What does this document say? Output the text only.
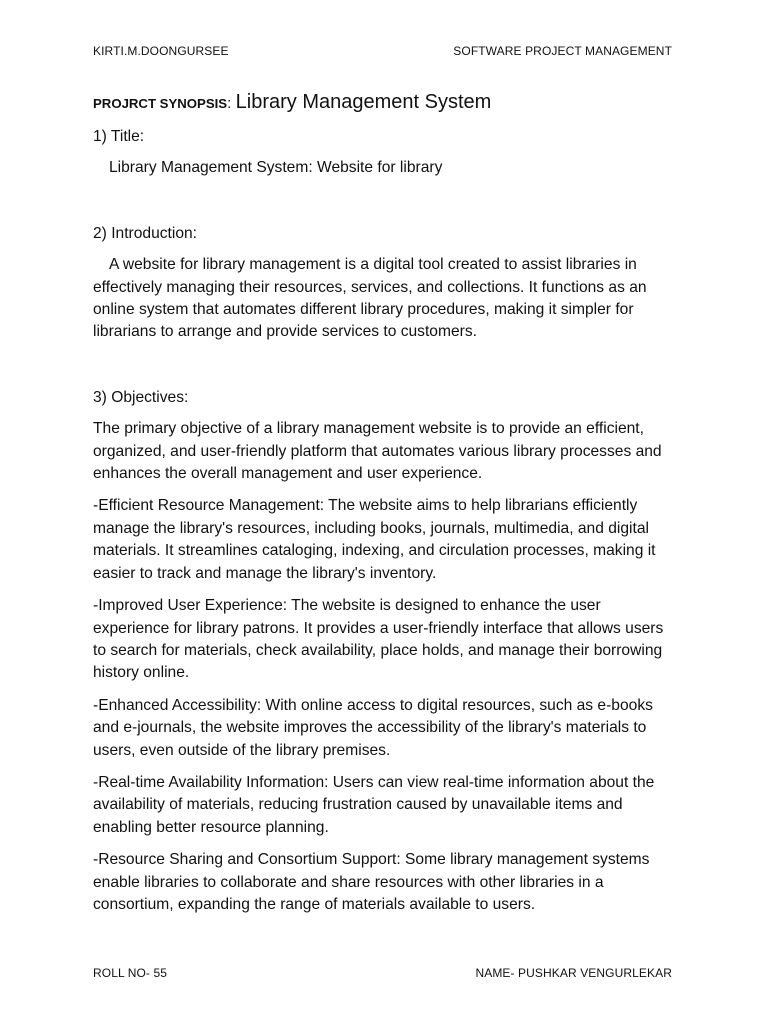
KIRTI.M.DOONGURSEE	SOFTWARE PROJECT MANAGEMENT
PROJRCT SYNOPSIS: Library Management System

1) Title:

Library Management System: Website for library

2) Introduction:

A website for library management is a digital tool created to assist libraries in effectively managing their resources, services, and collections. It functions as an online system that automates different library procedures, making it simpler for librarians to arrange and provide services to customers.

3) Objectives:

The primary objective of a library management website is to provide an efficient, organized, and user-friendly platform that automates various library processes and enhances the overall management and user experience.

-Efficient Resource Management: The website aims to help librarians efficiently manage the library's resources, including books, journals, multimedia, and digital materials. It streamlines cataloging, indexing, and circulation processes, making it easier to track and manage the library's inventory.

-Improved User Experience: The website is designed to enhance the user experience for library patrons. It provides a user-friendly interface that allows users to search for materials, check availability, place holds, and manage their borrowing history online.

-Enhanced Accessibility: With online access to digital resources, such as e-books and e-journals, the website improves the accessibility of the library's materials to users, even outside of the library premises.

-Real-time Availability Information: Users can view real-time information about the availability of materials, reducing frustration caused by unavailable items and enabling better resource planning.

-Resource Sharing and Consortium Support: Some library management systems enable libraries to collaborate and share resources with other libraries in a consortium, expanding the range of materials available to users.

ROLL NO- 55	NAME- PUSHKAR VENGURLEKAR
